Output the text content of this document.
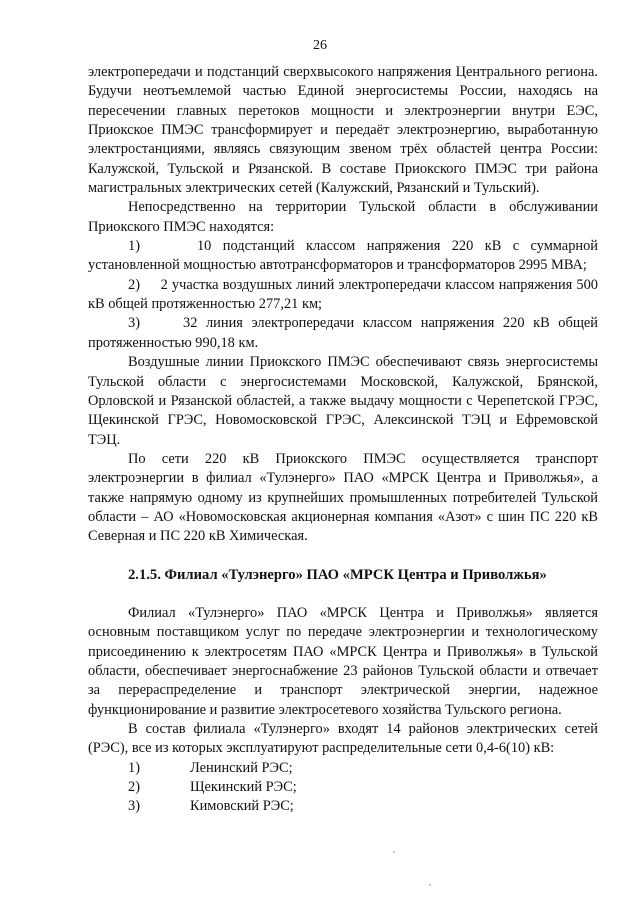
26

электропередачи и подстанций сверхвысокого напряжения Центрального региона. Будучи неотъемлемой частью Единой энергосистемы России, находясь на пересечении главных перетоков мощности и электроэнергии внутри ЕЭС, Приокское ПМЭС трансформирует и передаёт электроэнергию, выработанную электростанциями, являясь связующим звеном трёх областей центра России: Калужской, Тульской и Рязанской. В составе Приокского ПМЭС три района магистральных электрических сетей (Калужский, Рязанский и Тульский).

Непосредственно на территории Тульской области в обслуживании Приокского ПМЭС находятся:

1)     10 подстанций классом напряжения 220 кВ с суммарной установленной мощностью автотрансформаторов и трансформаторов 2995 МВА;

2)     2 участка воздушных линий электропередачи классом напряжения 500 кВ общей протяженностью 277,21 км;

3)     32 линия электропередачи классом напряжения 220 кВ общей протяженностью 990,18 км.

Воздушные линии Приокского ПМЭС обеспечивают связь энергосистемы Тульской области с энергосистемами Московской, Калужской, Брянской, Орловской и Рязанской областей, а также выдачу мощности с Черепетской ГРЭС, Щекинской ГРЭС, Новомосковской ГРЭС, Алексинской ТЭЦ и Ефремовской ТЭЦ.

По сети 220 кВ Приокского ПМЭС осуществляется транспорт электроэнергии в филиал «Тулэнерго» ПАО «МРСК Центра и Приволжья», а также напрямую одному из крупнейших промышленных потребителей Тульской области – АО «Новомосковская акционерная компания «Азот» с шин ПС 220 кВ Северная и ПС 220 кВ Химическая.

2.1.5. Филиал «Тулэнерго» ПАО «МРСК Центра и Приволжья»

Филиал «Тулэнерго» ПАО «МРСК Центра и Приволжья» является основным поставщиком услуг по передаче электроэнергии и технологическому присоединению к электросетям ПАО «МРСК Центра и Приволжья» в Тульской области, обеспечивает энергоснабжение 23 районов Тульской области и отвечает за перераспределение и транспорт электрической энергии, надежное функционирование и развитие электросетевого хозяйства Тульского региона.

В состав филиала «Тулэнерго» входят 14 районов электрических сетей (РЭС), все из которых эксплуатируют распределительные сети 0,4-6(10) кВ:

1)	Ленинский РЭС;
2)	Щекинский РЭС;
3)	Кимовский РЭС;
